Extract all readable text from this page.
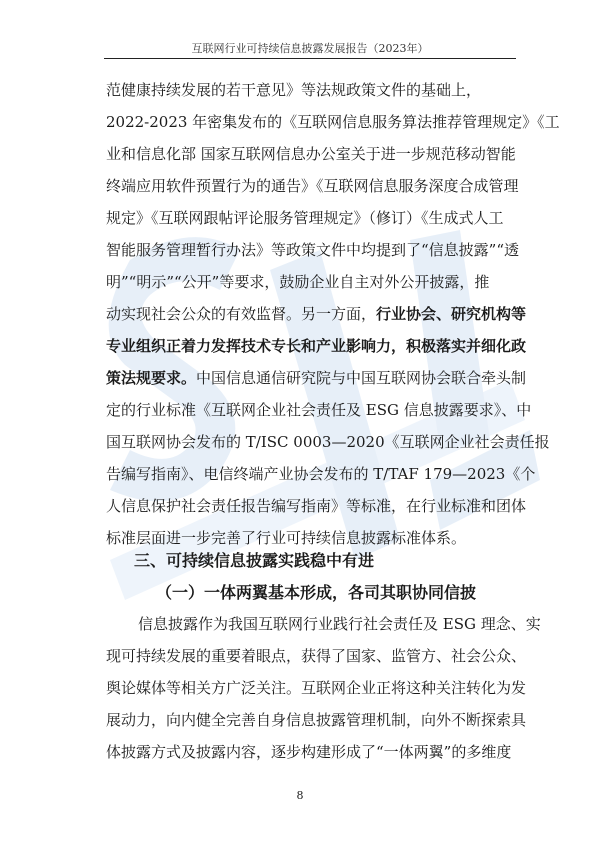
互联网行业可持续信息披露发展报告（2023年）
范健康持续发展的若干意见》等法规政策文件的基础上，
2022-2023 年密集发布的《互联网信息服务算法推荐管理规定》《工
业和信息化部 国家互联网信息办公室关于进一步规范移动智能
终端应用软件预置行为的通告》《互联网信息服务深度合成管理
规定》《互联网跟帖评论服务管理规定》（修订）《生成式人工
智能服务管理暂行办法》等政策文件中均提到了“信息披露”“透
明”“明示”“公开”等要求，鼓励企业自主对外公开披露，推
动实现社会公众的有效监督。另一方面，行业协会、研究机构等
专业组织正着力发挥技术专长和产业影响力，积极落实并细化政
策法规要求。中国信息通信研究院与中国互联网协会联合牵头制
定的行业标准《互联网企业社会责任及 ESG 信息披露要求》、中
国互联网协会发布的 T/ISC 0003—2020《互联网企业社会责任报
告编写指南》、电信终端产业协会发布的 T/TAF 179—2023《个
人信息保护社会责任报告编写指南》等标准，在行业标准和团体
标准层面进一步完善了行业可持续信息披露标准体系。
三、可持续信息披露实践稳中有进
（一）一体两翼基本形成，各司其职协同信披
信息披露作为我国互联网行业践行社会责任及 ESG 理念、实
现可持续发展的重要着眼点，获得了国家、监管方、社会公众、
舆论媒体等相关方广泛关注。互联网企业正将这种关注转化为发
展动力，向内健全完善自身信息披露管理机制，向外不断探索具
体披露方式及披露内容，逐步构建形成了“一体两翼”的多维度
8
